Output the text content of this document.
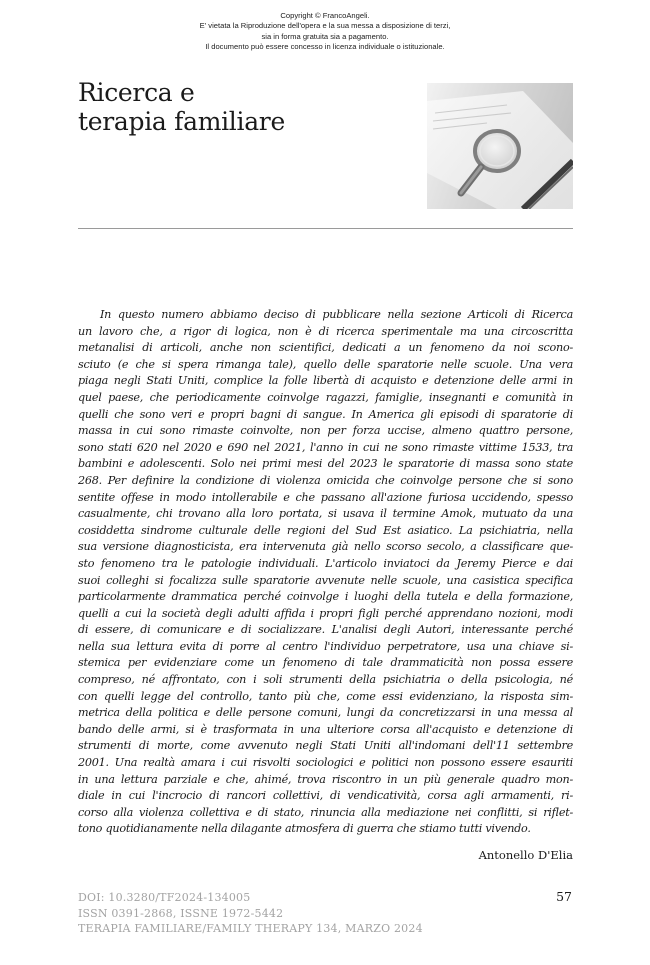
Copyright © FrancoAngeli.
E' vietata la Riproduzione dell'opera e la sua messa a disposizione di terzi,
sia in forma gratuita sia a pagamento.
Il documento può essere concesso in licenza individuale o istituzionale.
Ricerca e
terapia familiare
In questo numero abbiamo deciso di pubblicare nella sezione Articoli di Ricerca
un lavoro che, a rigor di logica, non è di ricerca sperimentale ma una circoscritta
metanalisi di articoli, anche non scientifici, dedicati a un fenomeno da noi scono-
sciuto (e che si spera rimanga tale), quello delle sparatorie nelle scuole. Una vera
piaga negli Stati Uniti, complice la folle libertà di acquisto e detenzione delle armi in
quel paese, che periodicamente coinvolge ragazzi, famiglie, insegnanti e comunità in
quelli che sono veri e propri bagni di sangue. In America gli episodi di sparatorie di
massa in cui sono rimaste coinvolte, non per forza uccise, almeno quattro persone,
sono stati 620 nel 2020 e 690 nel 2021, l'anno in cui ne sono rimaste vittime 1533, tra
bambini e adolescenti. Solo nei primi mesi del 2023 le sparatorie di massa sono state
268. Per definire la condizione di violenza omicida che coinvolge persone che si sono
sentite offese in modo intollerabile e che passano all'azione furiosa uccidendo, spesso
casualmente, chi trovano alla loro portata, si usava il termine Amok, mutuato da una
cosiddetta sindrome culturale delle regioni del Sud Est asiatico. La psichiatria, nella
sua versione diagnosticista, era intervenuta già nello scorso secolo, a classificare que-
sto fenomeno tra le patologie individuali. L'articolo inviatoci da Jeremy Pierce e dai
suoi colleghi si focalizza sulle sparatorie avvenute nelle scuole, una casistica specifica
particolarmente drammatica perché coinvolge i luoghi della tutela e della formazione,
quelli a cui la società degli adulti affida i propri figli perché apprendano nozioni, modi
di essere, di comunicare e di socializzare. L'analisi degli Autori, interessante perché
nella sua lettura evita di porre al centro l'individuo perpetratore, usa una chiave si-
stemica per evidenziare come un fenomeno di tale drammaticità non possa essere
compreso, né affrontato, con i soli strumenti della psichiatria o della psicologia, né
con quelli legge del controllo, tanto più che, come essi evidenziano, la risposta sim-
metrica della politica e delle persone comuni, lungi da concretizzarsi in una messa al
bando delle armi, si è trasformata in una ulteriore corsa all'acquisto e detenzione di
strumenti di morte, come avvenuto negli Stati Uniti all'indomani dell'11 settembre
2001. Una realtà amara i cui risvolti sociologici e politici non possono essere esauriti
in una lettura parziale e che, ahimé, trova riscontro in un più generale quadro mon-
diale in cui l'incrocio di rancori collettivi, di vendicatività, corsa agli armamenti, ri-
corso alla violenza collettiva e di stato, rinuncia alla mediazione nei conflitti, si riflet-
tono quotidianamente nella dilagante atmosfera di guerra che stiamo tutti vivendo.
Antonello D'Elia
DOI: 10.3280/TF2024-134005
ISSN 0391-2868, ISSNE 1972-5442
TERAPIA FAMILIARE/FAMILY THERAPY 134, MARZO 2024
57
